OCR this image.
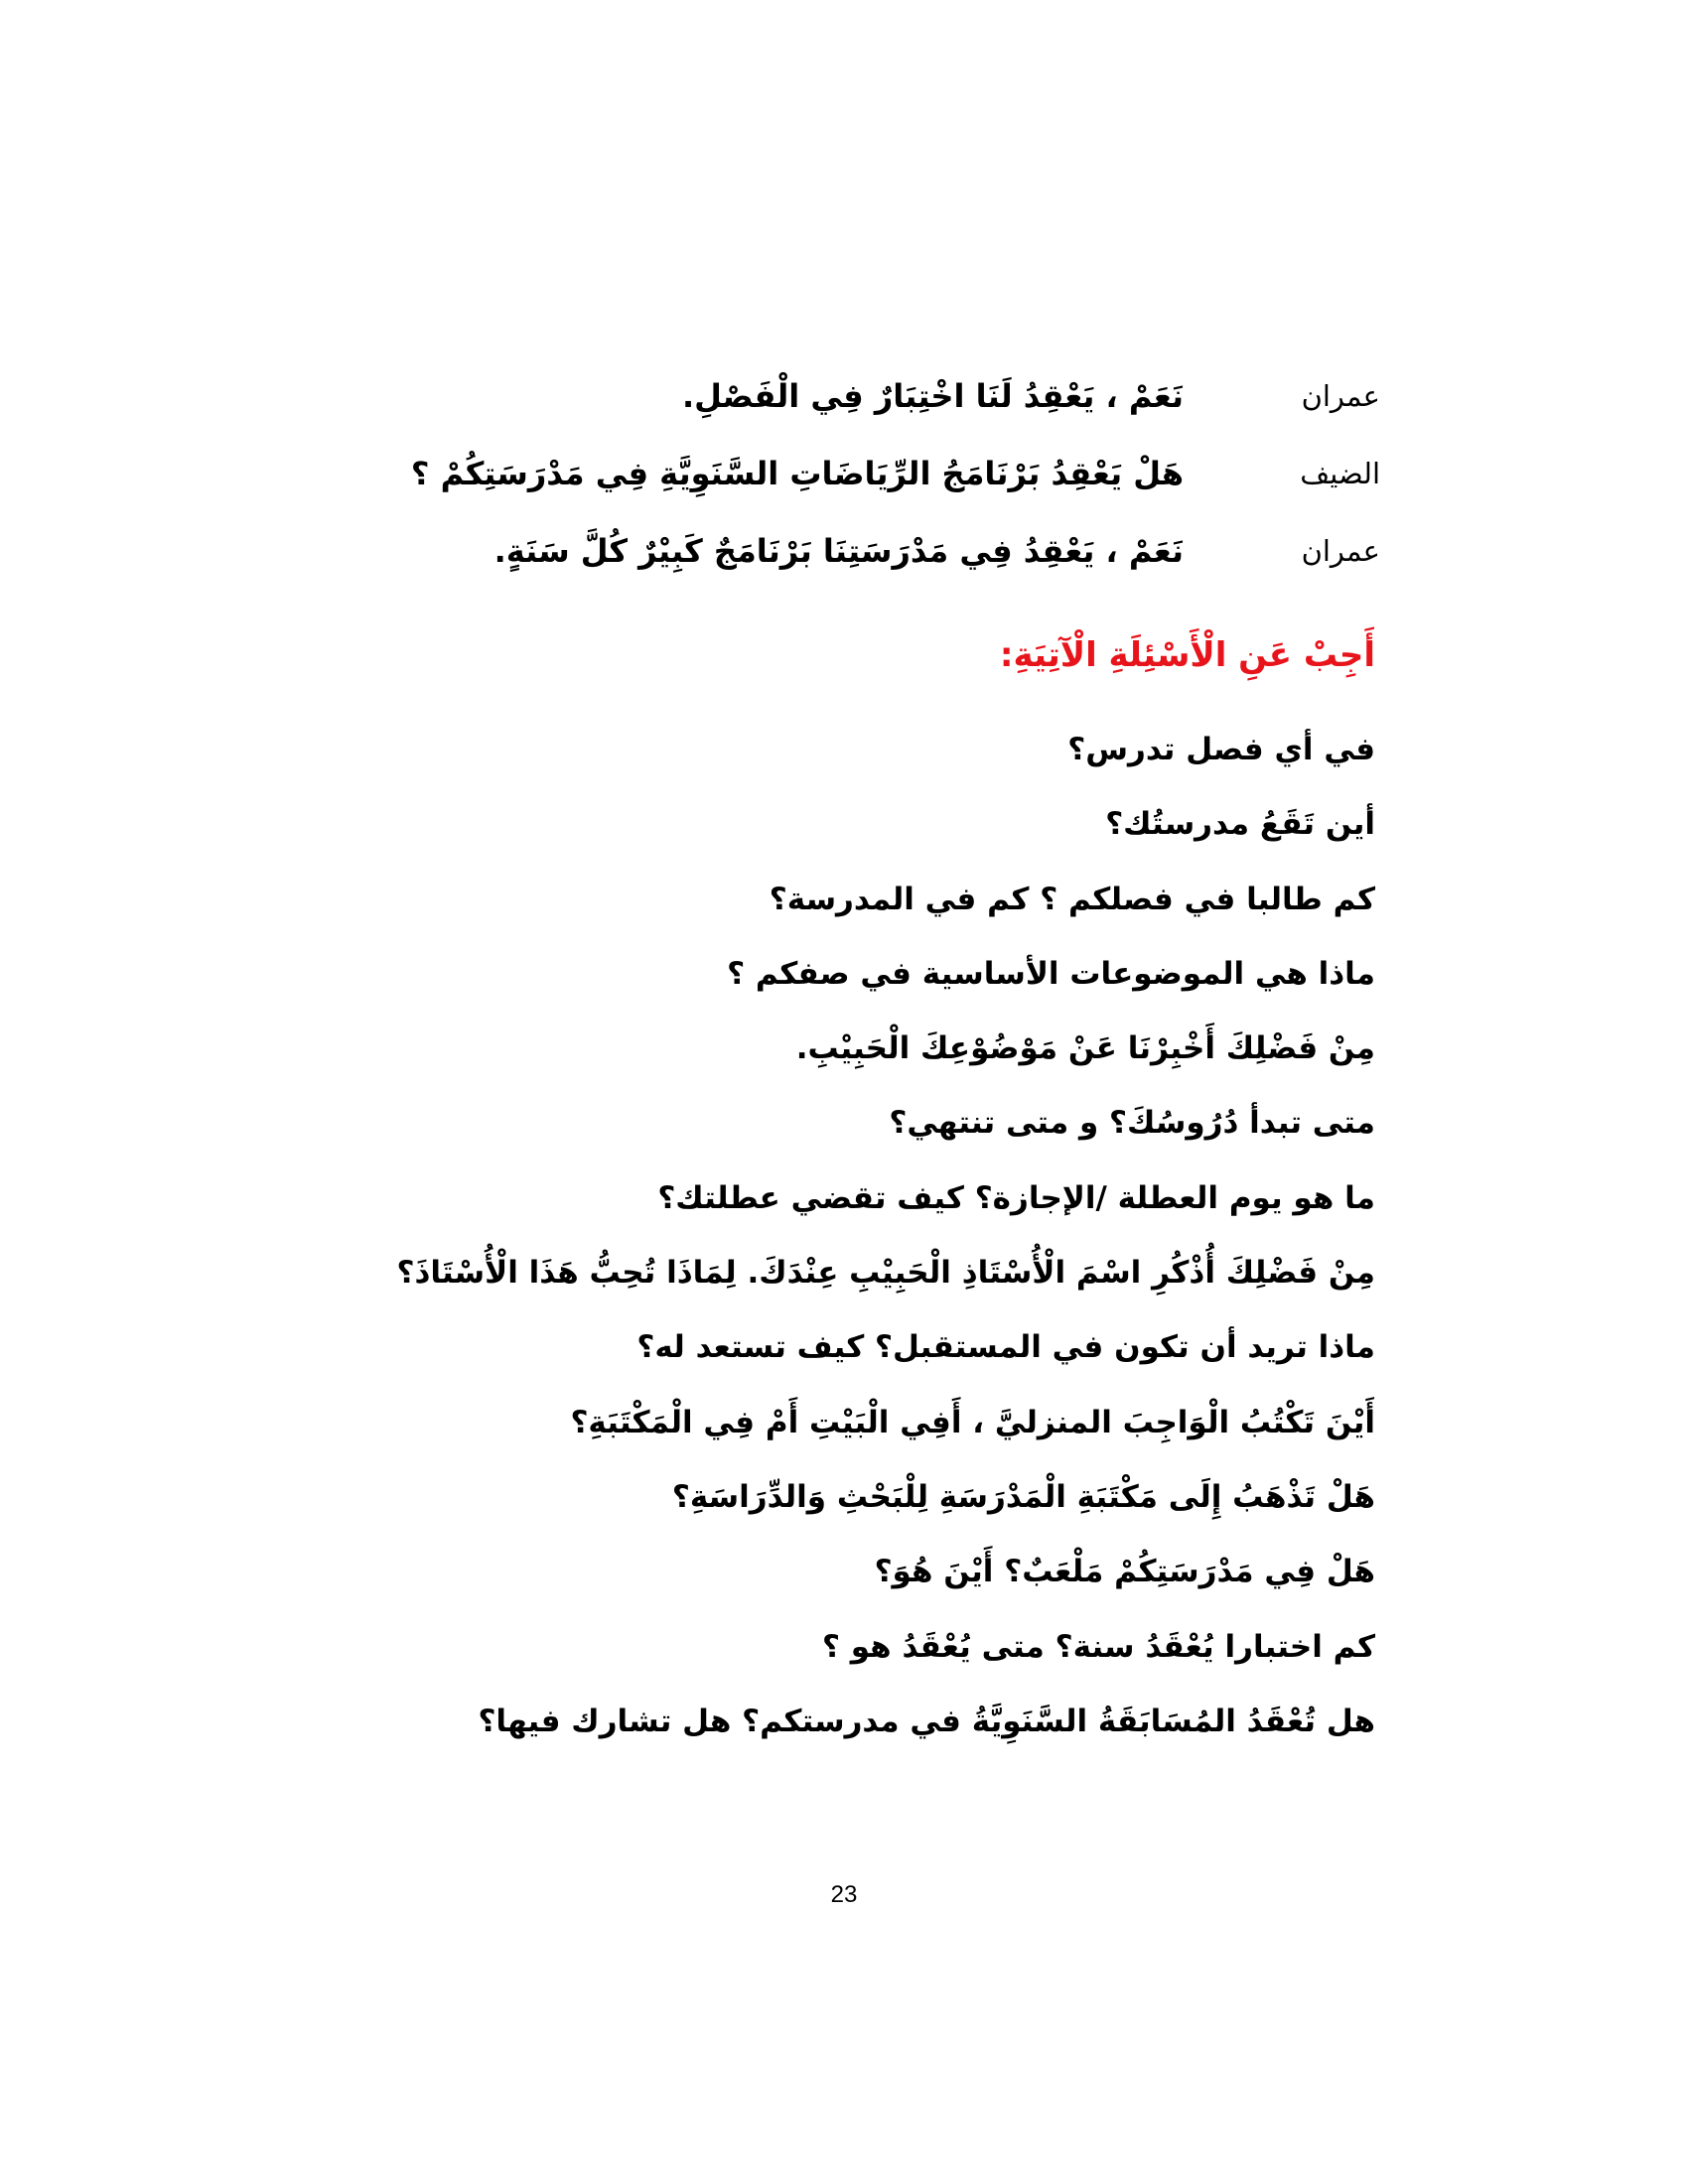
عمران
نَعَمْ ، يَعْقِدُ لَنَا اخْتِبَارٌ فِي الْفَصْلِ.
الضيف
هَلْ يَعْقِدُ بَرْنَامَجُ الرِّيَاضَاتِ السَّنَوِيَّةِ فِي مَدْرَسَتِكُمْ ؟
عمران
نَعَمْ ، يَعْقِدُ فِي مَدْرَسَتِنَا بَرْنَامَجٌ كَبِيْرٌ كُلَّ سَنَةٍ.
أَجِبْ عَنِ الْأَسْئِلَةِ الْآتِيَةِ:
في أي فصل تدرس؟
أين تَقَعُ مدرستُك؟
كم طالبا في فصلكم ؟ كم في المدرسة؟
ماذا هي الموضوعات الأساسية في صفكم ؟
مِنْ فَضْلِكَ أَخْبِرْنَا عَنْ مَوْضُوْعِكَ الْحَبِيْبِ.
متى تبدأ دُرُوسُكَ؟ و متى تنتهي؟
ما هو يوم العطلة /الإجازة؟ كيف تقضي عطلتك؟
مِنْ فَضْلِكَ أُذْكُرِ اسْمَ الْأُسْتَاذِ الْحَبِيْبِ عِنْدَكَ. لِمَاذَا تُحِبُّ هَذَا الْأُسْتَاذَ؟
ماذا تريد أن تكون في المستقبل؟ كيف تستعد له؟
أَيْنَ تَكْتُبُ الْوَاجِبَ المنزليَّ ، أَفِي الْبَيْتِ أَمْ فِي الْمَكْتَبَةِ؟
هَلْ تَذْهَبُ إِلَى مَكْتَبَةِ الْمَدْرَسَةِ لِلْبَحْثِ وَالدِّرَاسَةِ؟
هَلْ فِي مَدْرَسَتِكُمْ مَلْعَبٌ؟ أَيْنَ هُوَ؟
كم اختبارا يُعْقَدُ سنة؟ متى يُعْقَدُ هو ؟
هل تُعْقَدُ المُسَابَقَةُ السَّنَوِيَّةُ في مدرستكم؟ هل تشارك فيها؟
23
